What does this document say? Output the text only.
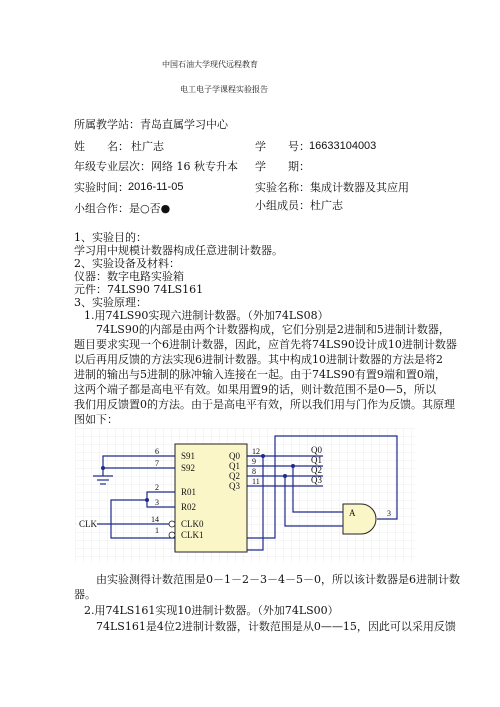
中国石油大学现代远程教育
电工电子学课程实验报告
所属教学站：青岛直属学习中心
姓　　名： 杜广志	学　　号： 16633104003
年级专业层次：网络 16 秋专升本 学　　期：
实验时间： 2016-11-05	实验名称：集成计数器及其应用
小组合作：是○否●	小组成员：杜广志
1、实验目的：
学习用中规模计数器构成任意进制计数器。
2、实验设备及材料：
仪器：数字电路实验箱
元件：74LS90 74LS161
3、实验原理：
1.用74LS90实现六进制计数器。（外加74LS08）
74LS90的内部是由两个计数器构成，它们分别是2进制和5进制计数器，
题目要求实现一个6进制计数器，因此，应首先将74LS90设计成10进制计数器
以后再用反馈的方法实现6进制计数器。其中构成10进制计数器的方法是将2
进制的输出与5进制的脉冲输入连接在一起。由于74LS90有置9端和置0端，
这两个端子都是高电平有效。如果用置9的话，则计数范围不是0—5，所以
我们用反馈置0的方法。由于是高电平有效，所以我们用与门作为反馈。其原理
图如下：
S91
S92
R01
R02
CLK0
CLK1
Q0
Q1
Q2
Q3
6
7
2
3
14
1
12
9
8
11
3
Q0
Q1
Q2
Q3
CLK
A
由实验测得计数范围是0－1－2－3－4－5－0，所以该计数器是6进制计数
器。
2.用74LS161实现10进制计数器。（外加74LS00）
74LS161是4位2进制计数器，计数范围是从0——15，因此可以采用反馈
